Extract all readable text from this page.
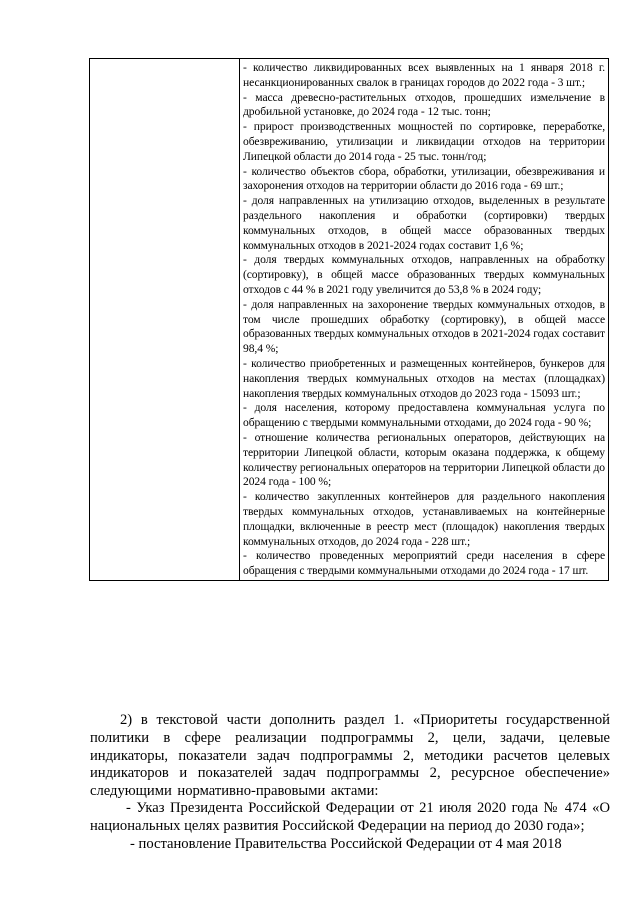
- количество ликвидированных всех выявленных на 1 января 2018 г. несанкционированных свалок в границах городов до 2022 года - 3 шт.;

- масса древесно-растительных отходов, прошедших измельчение в дробильной установке, до 2024 года - 12 тыс. тонн;

- прирост производственных мощностей по сортировке, переработке, обезвреживанию, утилизации и ликвидации отходов на территории Липецкой области до 2014 года - 25 тыс. тонн/год;

- количество объектов сбора, обработки, утилизации, обезвреживания и захоронения отходов на территории области до 2016 года - 69 шт.;

- доля направленных на утилизацию отходов, выделенных в результате раздельного накопления и обработки (сортировки) твердых коммунальных отходов, в общей массе образованных твердых коммунальных отходов в 2021-2024 годах составит 1,6 %;

- доля твердых коммунальных отходов, направленных на обработку (сортировку), в общей массе образованных твердых коммунальных отходов с 44 % в 2021 году увеличится до 53,8 % в 2024 году;

- доля направленных на захоронение твердых коммунальных отходов, в том числе прошедших обработку (сортировку), в общей массе образованных твердых коммунальных отходов в 2021-2024 годах составит 98,4 %;

- количество приобретенных и размещенных контейнеров, бункеров для накопления твердых коммунальных отходов на местах (площадках) накопления твердых коммунальных отходов до 2023 года - 15093 шт.;

- доля населения, которому предоставлена коммунальная услуга по обращению с твердыми коммунальными отходами, до 2024 года - 90 %;

- отношение количества региональных операторов, действующих на территории Липецкой области, которым оказана поддержка, к общему количеству региональных операторов на территории Липецкой области до 2024 года - 100 %;

- количество закупленных контейнеров для раздельного накопления твердых коммунальных отходов, устанавливаемых на контейнерные площадки, включенные в реестр мест (площадок) накопления твердых коммунальных отходов, до 2024 года - 228 шт.;

- количество проведенных мероприятий среди населения в сфере обращения с твердыми коммунальными отходами до 2024 года - 17 шт.

2) в текстовой части дополнить раздел 1. «Приоритеты государственной политики в сфере реализации подпрограммы 2, цели, задачи, целевые индикаторы, показатели задач подпрограммы 2, методики расчетов целевых индикаторов и показателей задач подпрограммы 2, ресурсное обеспечение» следующими нормативно-правовыми актами:

- Указ Президента Российской Федерации от 21 июля 2020 года № 474 «О национальных целях развития Российской Федерации на период до 2030 года»;

- постановление Правительства Российской Федерации от 4 мая 2018
